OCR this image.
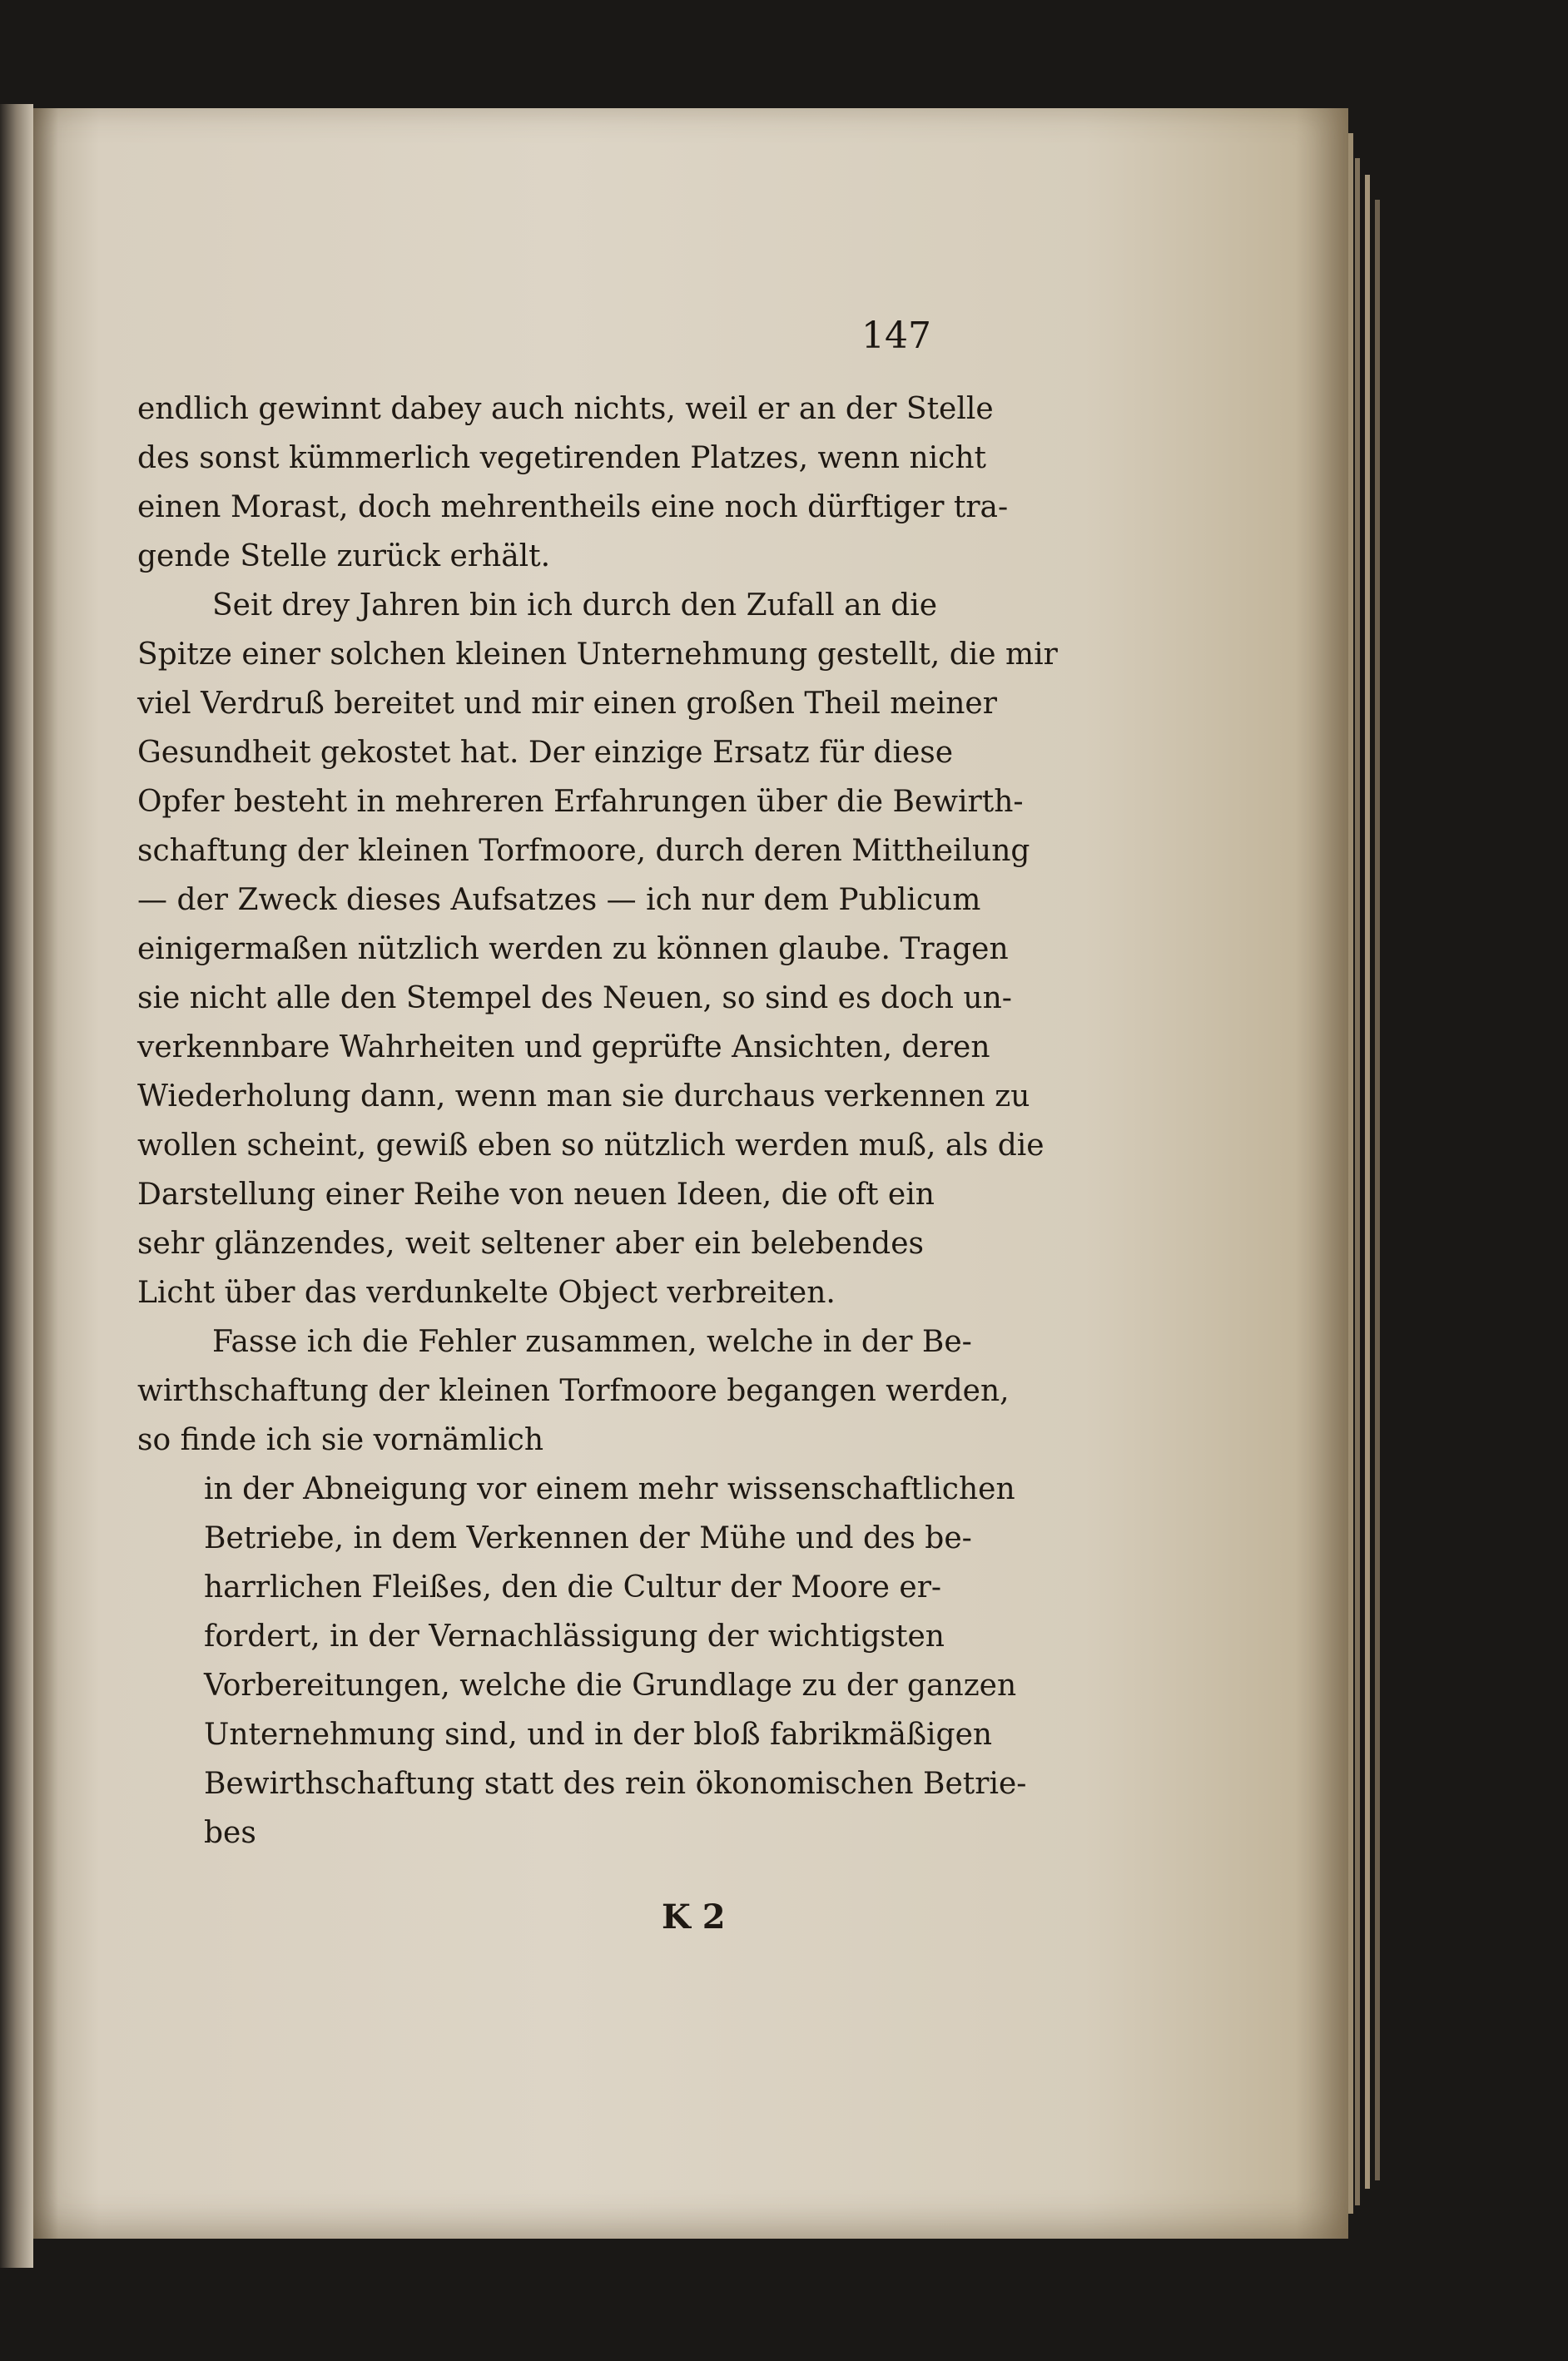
147
endlich gewinnt dabey auch nichts, weil er an der Stelle
des sonst kümmerlich vegetirenden Platzes, wenn nicht
einen Morast, doch mehrentheils eine noch dürftiger tra-
gende Stelle zurück erhält.
Seit drey Jahren bin ich durch den Zufall an die
Spitze einer solchen kleinen Unternehmung gestellt, die mir
viel Verdruß bereitet und mir einen großen Theil meiner
Gesundheit gekostet hat. Der einzige Ersatz für diese
Opfer besteht in mehreren Erfahrungen über die Bewirth-
schaftung der kleinen Torfmoore, durch deren Mittheilung
— der Zweck dieses Aufsatzes — ich nur dem Publicum
einigermaßen nützlich werden zu können glaube. Tragen
sie nicht alle den Stempel des Neuen, so sind es doch un-
verkennbare Wahrheiten und geprüfte Ansichten, deren
Wiederholung dann, wenn man sie durchaus verkennen zu
wollen scheint, gewiß eben so nützlich werden muß, als die
Darstellung einer Reihe von neuen Ideen, die oft ein
sehr glänzendes, weit seltener aber ein belebendes
Licht über das verdunkelte Object verbreiten.
Fasse ich die Fehler zusammen, welche in der Be-
wirthschaftung der kleinen Torfmoore begangen werden,
so finde ich sie vornämlich
in der Abneigung vor einem mehr wissenschaftlichen
Betriebe, in dem Verkennen der Mühe und des be-
harrlichen Fleißes, den die Cultur der Moore er-
fordert, in der Vernachlässigung der wichtigsten
Vorbereitungen, welche die Grundlage zu der ganzen
Unternehmung sind, und in der bloß fabrikmäßigen
Bewirthschaftung statt des rein ökonomischen Betrie-
bes
K 2
